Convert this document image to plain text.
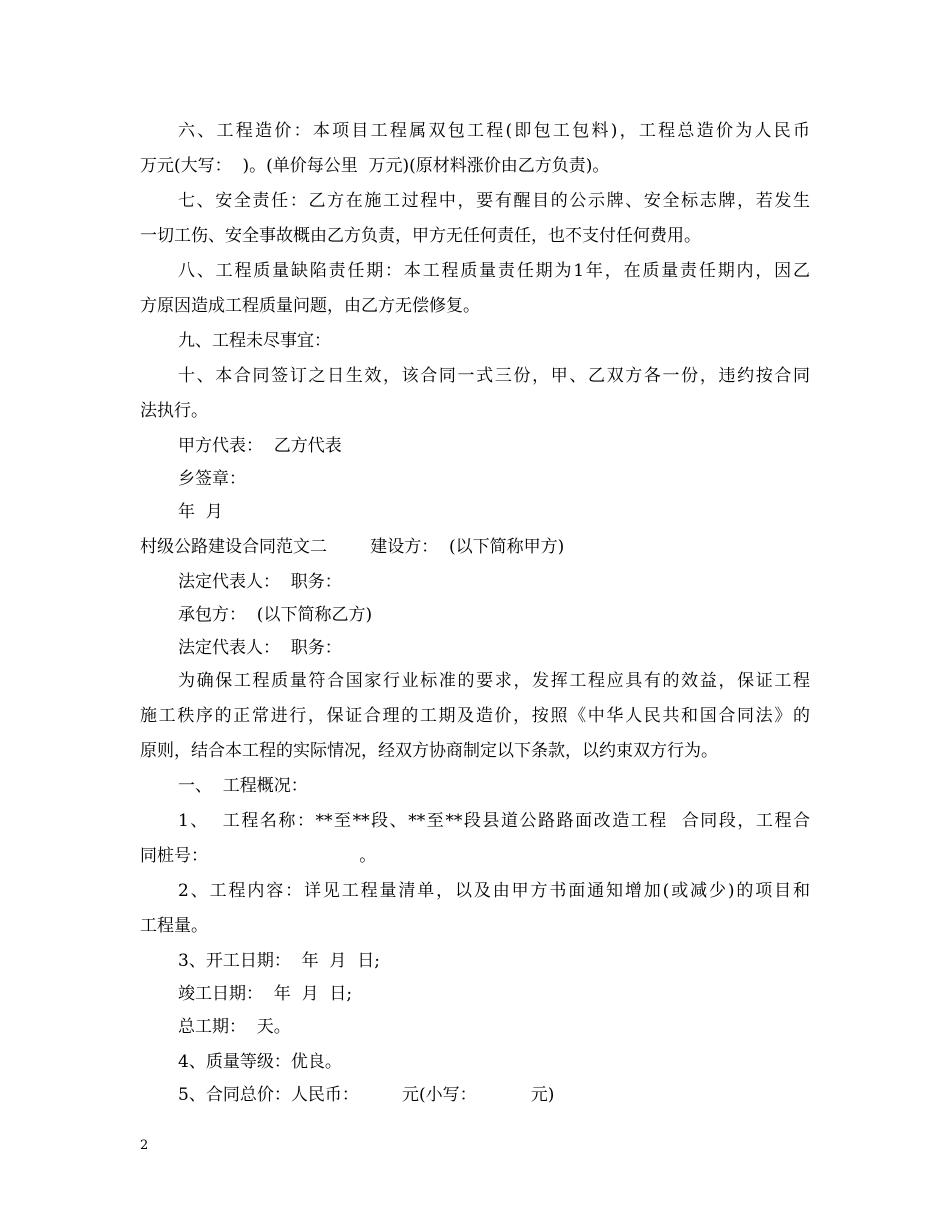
六、工程造价：本项目工程属双包工程(即包工包料)，工程总造价为人民币
万元(大写：  )。(单价每公里  万元)(原材料涨价由乙方负责)。
七、安全责任：乙方在施工过程中，要有醒目的公示牌、安全标志牌，若发生
一切工伤、安全事故概由乙方负责，甲方无任何责任，也不支付任何费用。
八、工程质量缺陷责任期：本工程质量责任期为1年，在质量责任期内，因乙
方原因造成工程质量问题，由乙方无偿修复。
九、工程未尽事宜：
十、本合同签订之日生效，该合同一式三份，甲、乙双方各一份，违约按合同
法执行。
甲方代表：  乙方代表
乡签章：
年  月
村级公路建设合同范文二        建设方：  (以下简称甲方)
法定代表人：  职务：
承包方：  (以下简称乙方)
法定代表人：  职务：
为确保工程质量符合国家行业标准的要求，发挥工程应具有的效益，保证工程
施工秩序的正常进行，保证合理的工期及造价，按照《中华人民共和国合同法》的
原则，结合本工程的实际情况，经双方协商制定以下条款，以约束双方行为。
一、  工程概况：
1、  工程名称：**至**段、**至**段县道公路路面改造工程  合同段，工程合
同桩号：                            。
2、工程内容：详见工程量清单，以及由甲方书面通知增加(或减少)的项目和
工程量。
3、开工日期：  年  月  日;
竣工日期：  年  月  日;
总工期：  天。
4、质量等级：优良。
5、合同总价：人民币：        元(小写：          元)
2
